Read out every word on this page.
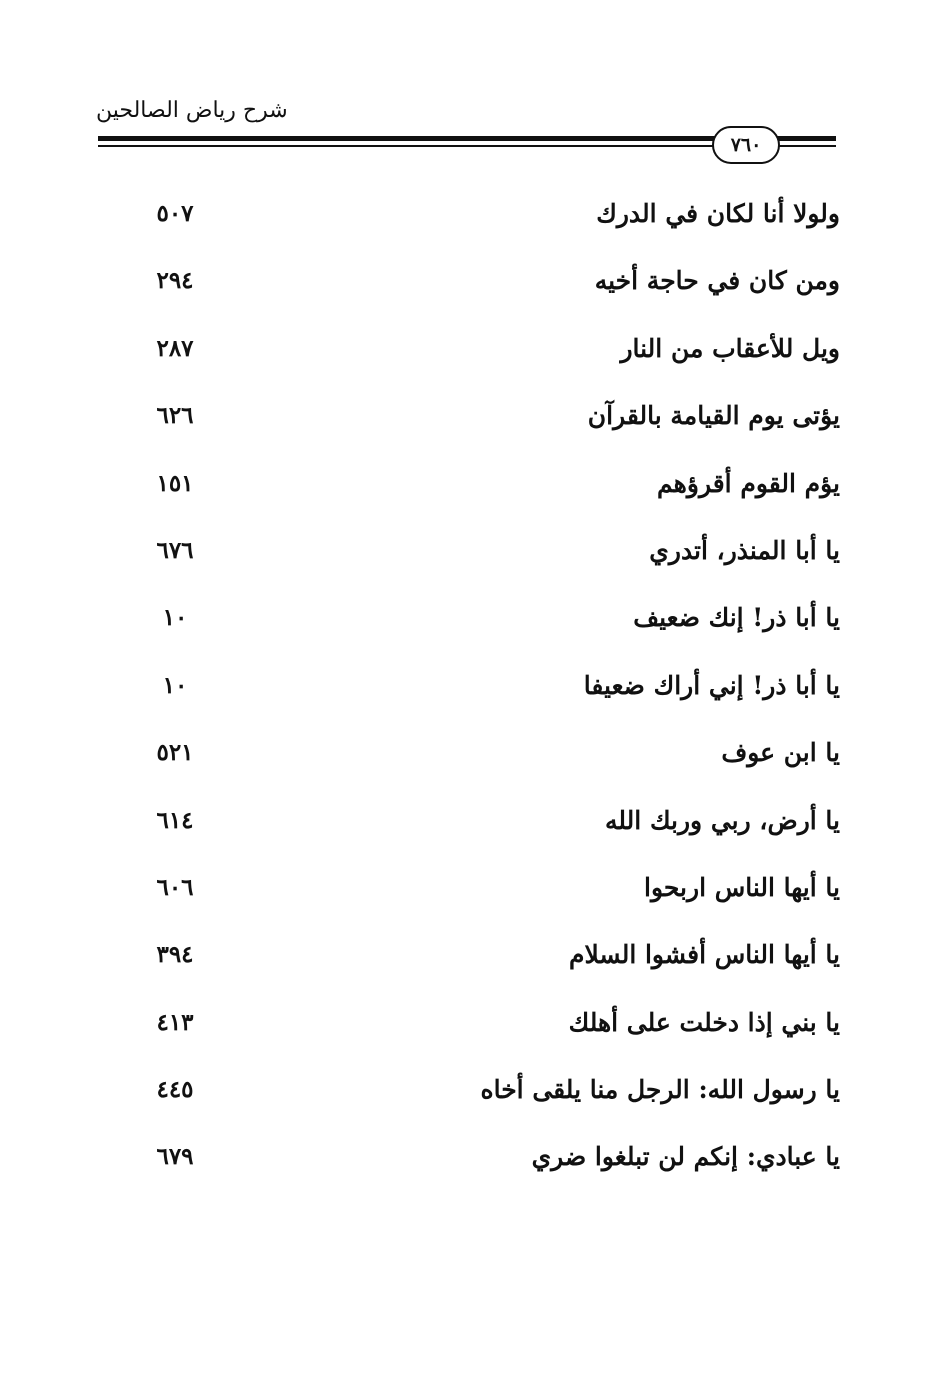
شرح رياض الصالحين
٧٦٠
ولولا أنا لكان في الدرك
٥٠٧
ومن كان في حاجة أخيه
٢٩٤
ويل للأعقاب من النار
٢٨٧
يؤتى يوم القيامة بالقرآن
٦٢٦
يؤم القوم أقرؤهم
١٥١
يا أبا المنذر، أتدري
٦٧٦
يا أبا ذر! إنك ضعيف
١٠
يا أبا ذر! إني أراك ضعيفا
١٠
يا ابن عوف
٥٢١
يا أرض، ربي وربك الله
٦١٤
يا أيها الناس اربحوا
٦٠٦
يا أيها الناس أفشوا السلام
٣٩٤
يا بني إذا دخلت على أهلك
٤١٣
يا رسول الله: الرجل منا يلقى أخاه
٤٤٥
يا عبادي: إنكم لن تبلغوا ضري
٦٧٩
